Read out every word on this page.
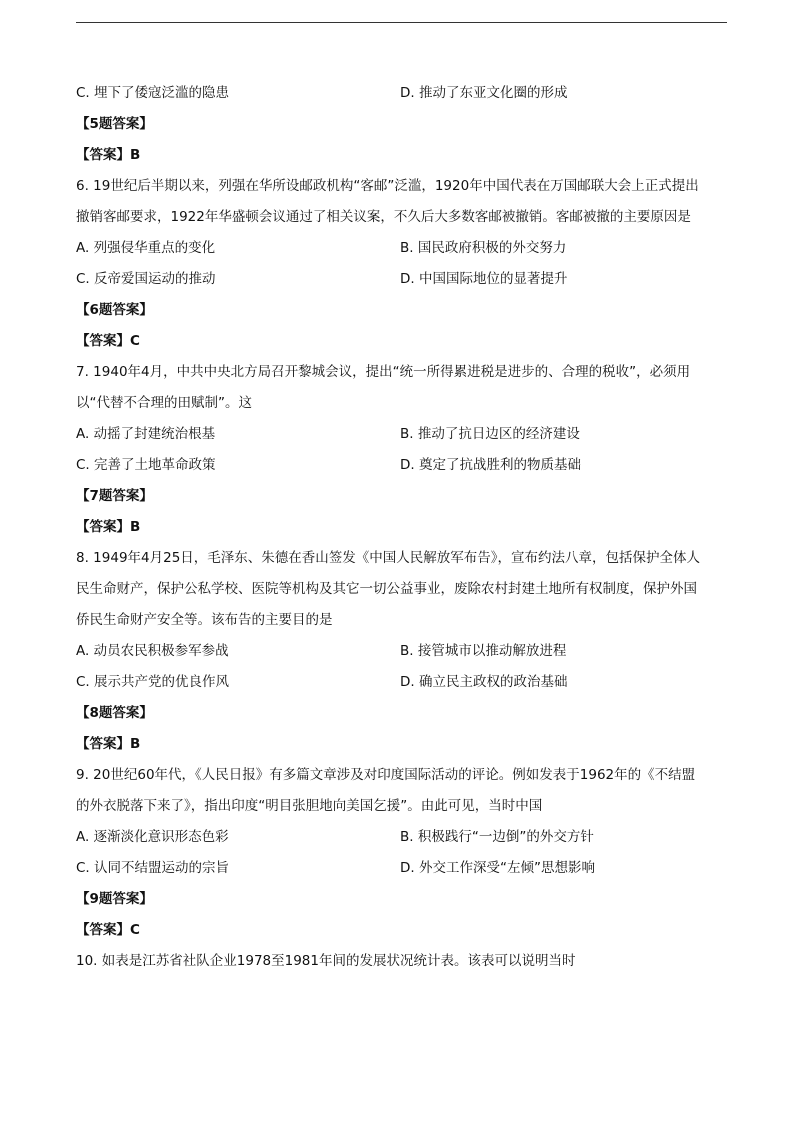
C. 埋下了倭寇泛滥的隐患	D. 推动了东亚文化圈的形成
【5题答案】
【答案】B
6. 19世纪后半期以来，列强在华所设邮政机构“客邮”泛滥，1920年中国代表在万国邮联大会上正式提出
撤销客邮要求，1922年华盛顿会议通过了相关议案，不久后大多数客邮被撤销。客邮被撤的主要原因是
A. 列强侵华重点的变化	B. 国民政府积极的外交努力
C. 反帝爱国运动的推动	D. 中国国际地位的显著提升
【6题答案】
【答案】C
7. 1940年4月，中共中央北方局召开黎城会议，提出“统一所得累进税是进步的、合理的税收”，必须用
以“代替不合理的田赋制”。这
A. 动摇了封建统治根基	B. 推动了抗日边区的经济建设
C. 完善了土地革命政策	D. 奠定了抗战胜利的物质基础
【7题答案】
【答案】B
8. 1949年4月25日，毛泽东、朱德在香山签发《中国人民解放军布告》，宣布约法八章，包括保护全体人
民生命财产，保护公私学校、医院等机构及其它一切公益事业，废除农村封建土地所有权制度，保护外国
侨民生命财产安全等。该布告的主要目的是
A. 动员农民积极参军参战	B. 接管城市以推动解放进程
C. 展示共产党的优良作风	D. 确立民主政权的政治基础
【8题答案】
【答案】B
9. 20世纪60年代，《人民日报》有多篇文章涉及对印度国际活动的评论。例如发表于1962年的《不结盟
的外衣脱落下来了》，指出印度“明目张胆地向美国乞援”。由此可见，当时中国
A. 逐渐淡化意识形态色彩	B. 积极践行“一边倒”的外交方针
C. 认同不结盟运动的宗旨	D. 外交工作深受“左倾”思想影响
【9题答案】
【答案】C
10. 如表是江苏省社队企业1978至1981年间的发展状况统计表。该表可以说明当时
